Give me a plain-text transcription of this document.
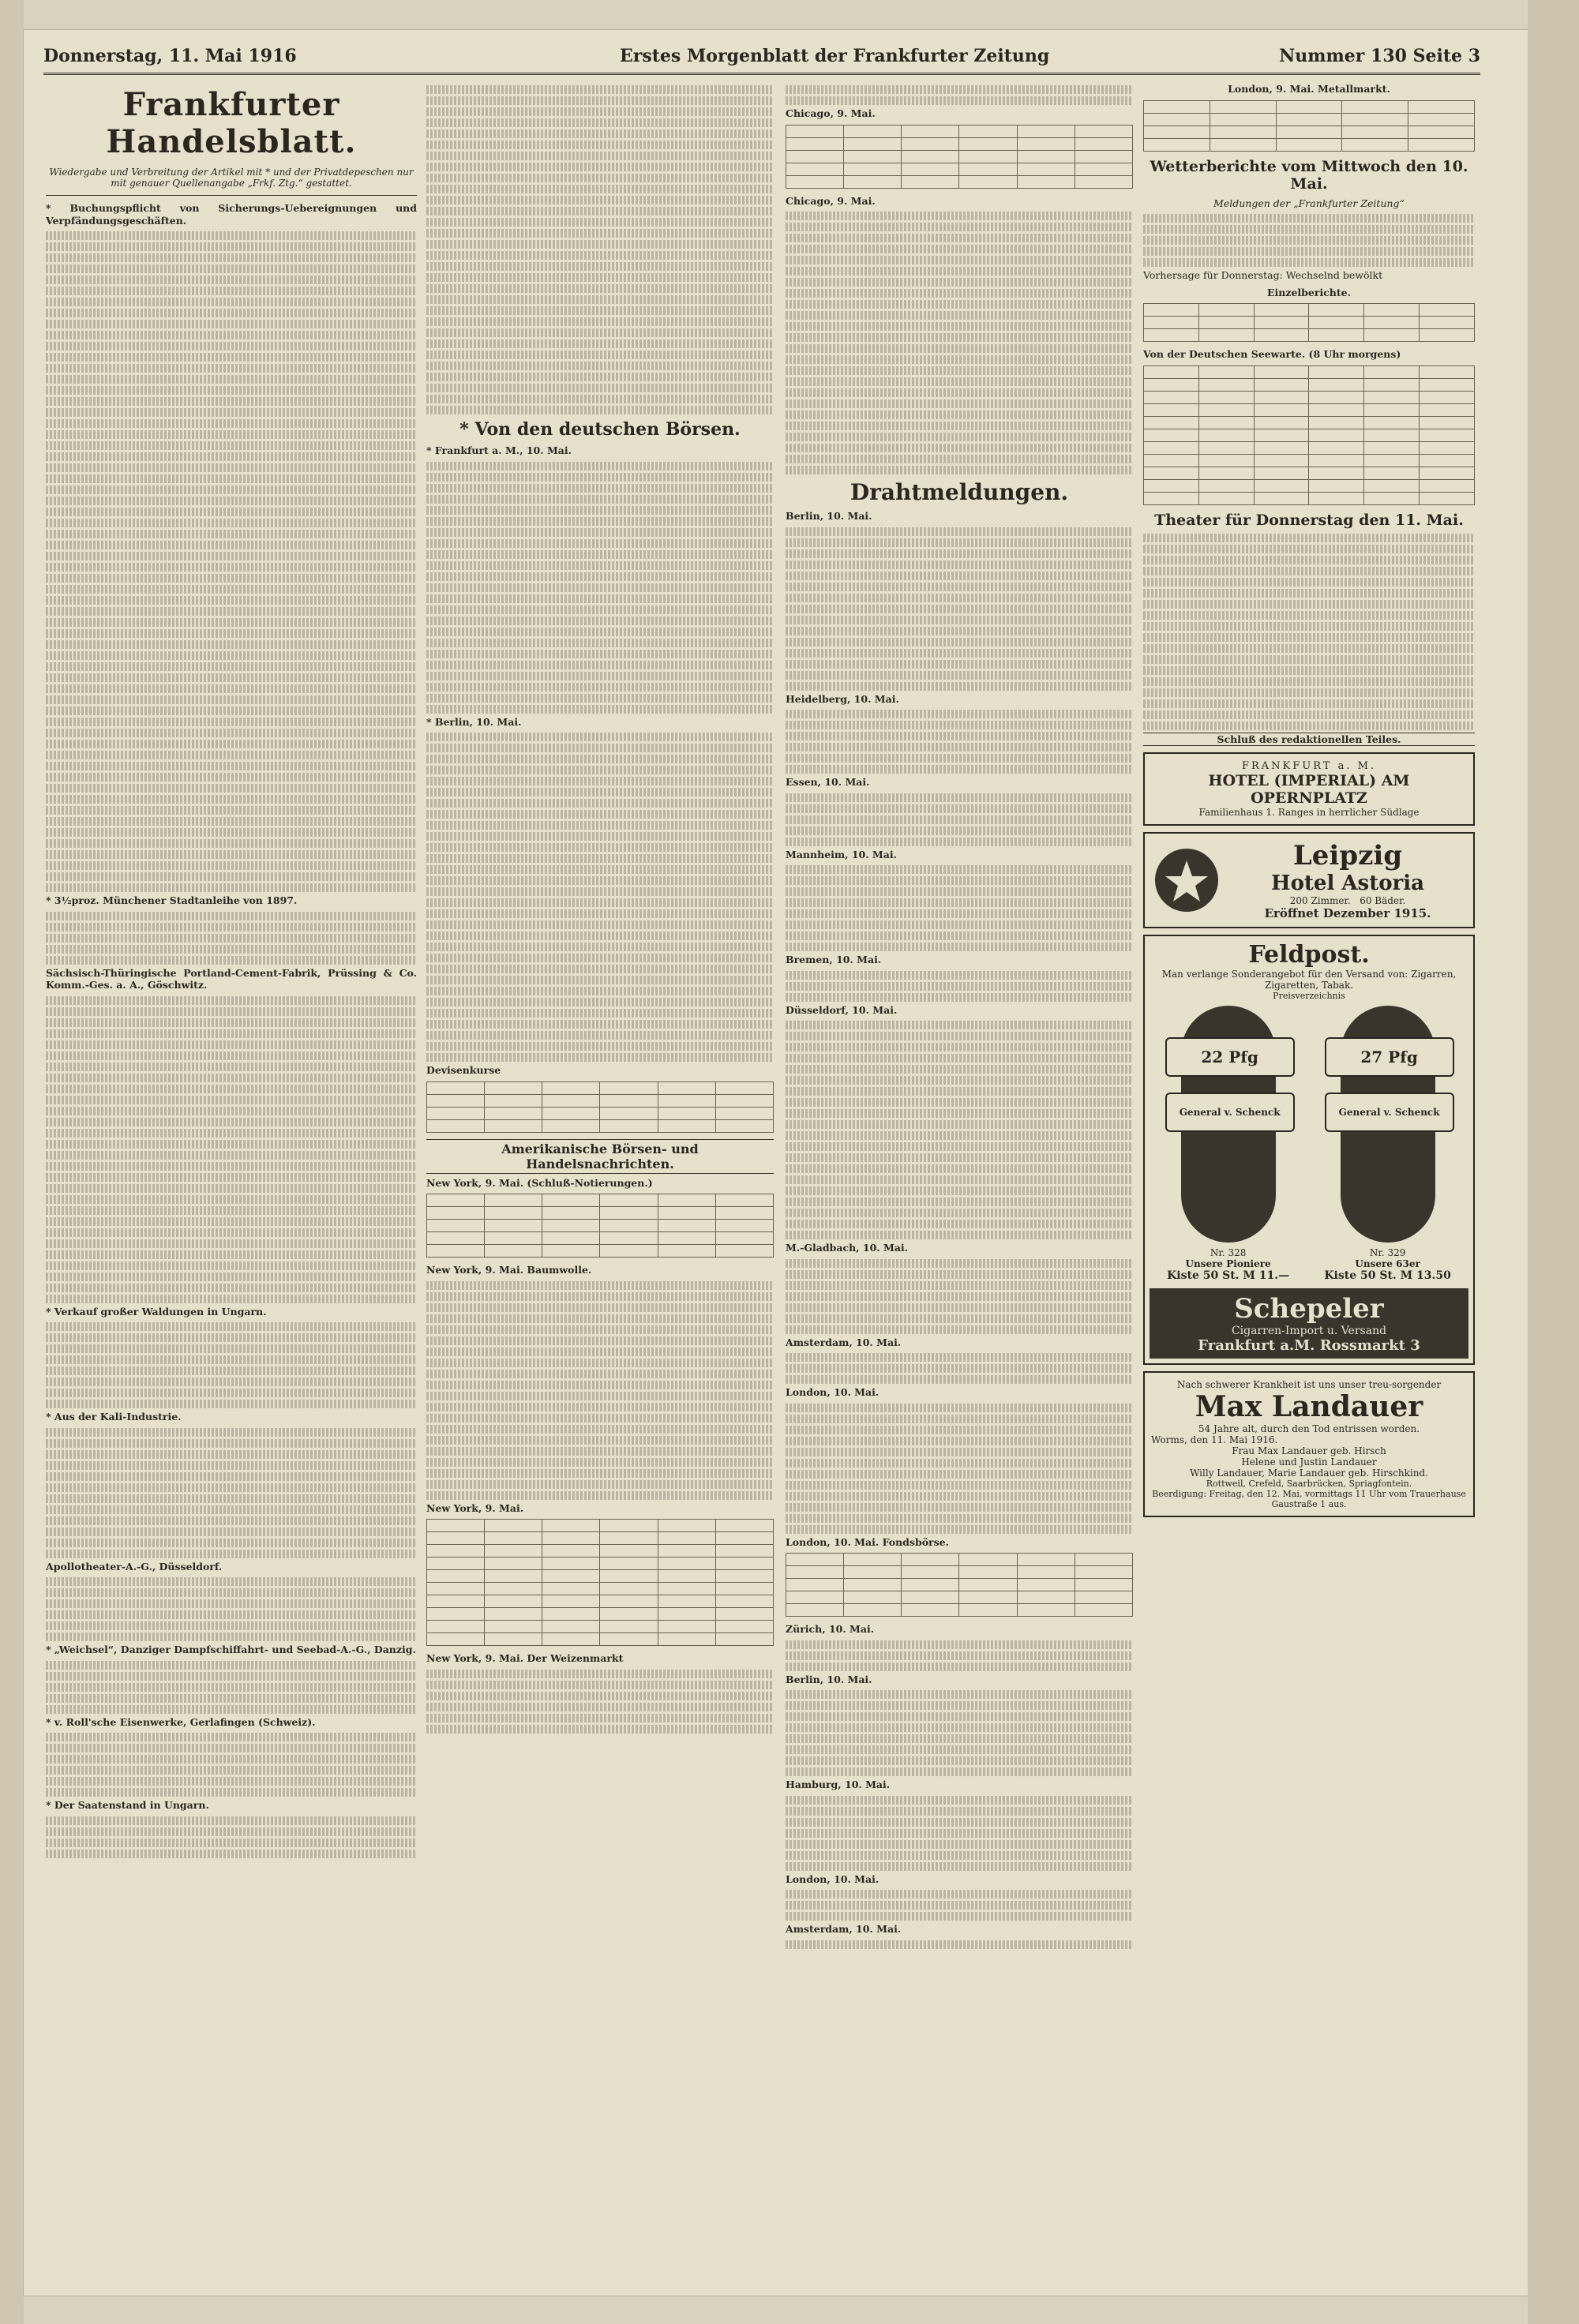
Donnerstag, 11. Mai 1916	Erstes Morgenblatt der Frankfurter Zeitung	Nummer 130 Seite 3
Frankfurter Handelsblatt.
Wiedergabe und Verbreitung der Artikel mit * und der Privatdepeschen nur mit genauer Quellenangabe „Frkf. Ztg.“ gestattet.

* Buchungspflicht von Sicherungs-Uebereignungen und Verpfändungsgeschäften.

* 3½proz. Münchener Stadtanleihe von 1897.

Sächsisch-Thüringische Portland-Cement-Fabrik, Prüssing & Co. Komm.-Ges. a. A., Göschwitz.

* Verkauf großer Waldungen in Ungarn.

* Aus der Kali-Industrie.

Apollotheater-A.-G., Düsseldorf.

* „Weichsel“, Danziger Dampfschiffahrt- und Seebad-A.-G., Danzig.

* v. Roll'sche Eisenwerke, Gerlafingen (Schweiz).

* Der Saatenstand in Ungarn.

* Von den deutschen Börsen.

* Frankfurt a. M., 10. Mai.

* Berlin, 10. Mai.

Devisenkurse

Amerikanische Börsen- und Handelsnachrichten.

New York, 9. Mai. (Schluß-Notierungen.)

New York, 9. Mai. Baumwolle.

New York, 9. Mai.

New York, 9. Mai. Der Weizenmarkt

Chicago, 9. Mai.

Chicago, 9. Mai.

Drahtmeldungen.

Berlin, 10. Mai.

Heidelberg, 10. Mai.

Essen, 10. Mai.

Mannheim, 10. Mai.

Bremen, 10. Mai.

Düsseldorf, 10. Mai.

M.-Gladbach, 10. Mai.

Amsterdam, 10. Mai.

London, 10. Mai.

London, 10. Mai. Fondsbörse.

Zürich, 10. Mai.

Berlin, 10. Mai.

Hamburg, 10. Mai.

London, 10. Mai.

Amsterdam, 10. Mai.

London, 9. Mai. Metallmarkt.

Wetterberichte vom Mittwoch den 10. Mai.

Meldungen der „Frankfurter Zeitung“

Vorhersage für Donnerstag: Wechselnd bewölkt

Einzelberichte.

Von der Deutschen Seewarte. (8 Uhr morgens)

Theater für Donnerstag den 11. Mai.

Schluß des redaktionellen Teiles.

FRANKFURT a. M.
HOTEL (IMPERIAL) AM OPERNPLATZ
Familienhaus 1. Ranges in herrlicher Südlage
Leipzig
Hotel Astoria
200 Zimmer. 60 Bäder.
Eröffnet Dezember 1915.
Feldpost.
Man verlange Sonderangebot für den Versand von: Zigarren, Zigaretten, Tabak.
Preisverzeichnis
22 Pfg
General v. Schenck
Nr. 328
Unsere Pioniere
Kiste 50 St. M 11.—
27 Pfg
General v. Schenck
Nr. 329
Unsere 63er
Kiste 50 St. M 13.50
Schepeler
Cigarren-Import u. Versand
Frankfurt a.M. Rossmarkt 3
Nach schwerer Krankheit ist uns unser treu-sorgender
Max Landauer
54 Jahre alt, durch den Tod entrissen worden.
Worms, den 11. Mai 1916.
Frau Max Landauer geb. Hirsch
Helene und Justin Landauer
Willy Landauer, Marie Landauer geb. Hirschkind.
Rottweil, Crefeld, Saarbrücken, Spriagfontein.
Beerdigung: Freitag, den 12. Mai, vormittags 11 Uhr vom Trauerhause Gaustraße 1 aus.
